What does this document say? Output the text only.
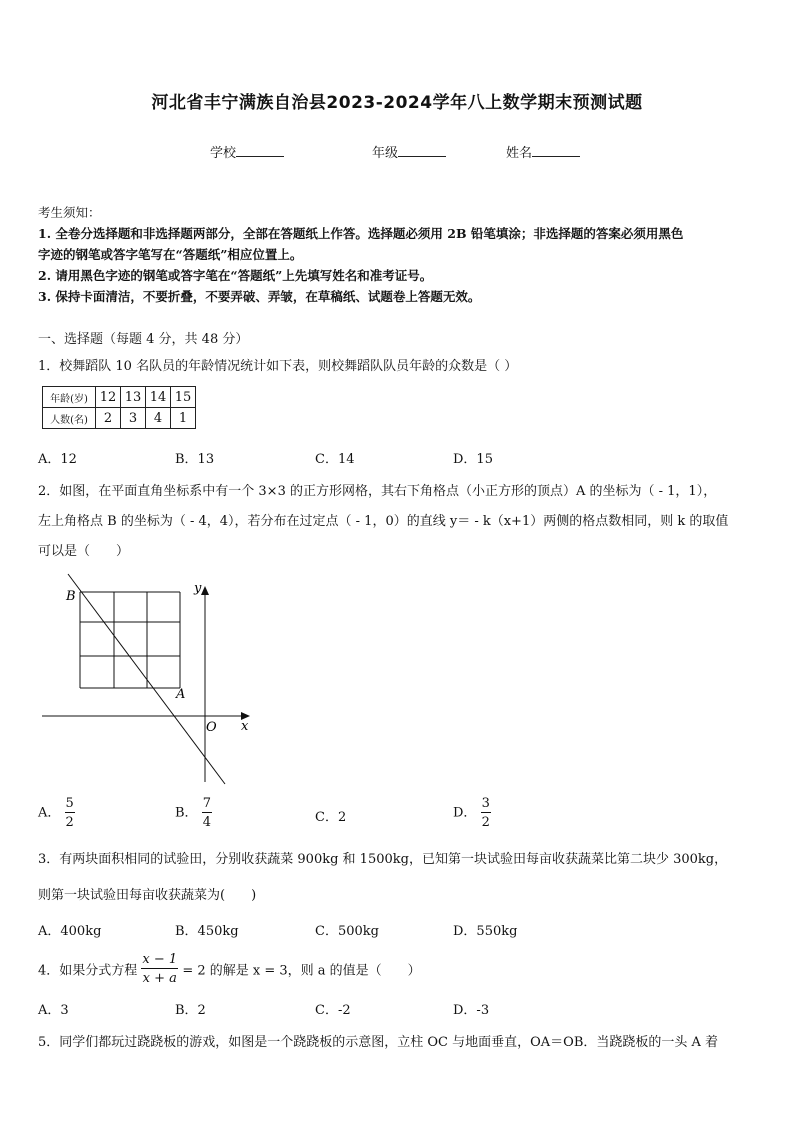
河北省丰宁满族自治县2023-2024学年八上数学期末预测试题
学校	年级	姓名
考生须知：
1. 全卷分选择题和非选择题两部分，全部在答题纸上作答。选择题必须用 2B 铅笔填涂；非选择题的答案必须用黑色
字迹的钢笔或答字笔写在“答题纸”相应位置上。
2. 请用黑色字迹的钢笔或答字笔在“答题纸”上先填写姓名和准考证号。
3. 保持卡面清洁，不要折叠，不要弄破、弄皱，在草稿纸、试题卷上答题无效。
一、选择题（每题 4 分，共 48 分）
1．校舞蹈队 10 名队员的年龄情况统计如下表，则校舞蹈队队员年龄的众数是（ ）
年龄(岁)	12	13	14	15
人数(名)	2	3	4	1
A．12	B．13	C．14	D．15
2．如图，在平面直角坐标系中有一个 3×3 的正方形网格，其右下角格点（小正方形的顶点）A 的坐标为（ - 1，1），
左上角格点 B 的坐标为（ - 4，4），若分布在过定点（ - 1，0）的直线 y＝ - k（x+1）两侧的格点数相同，则 k 的取值
可以是（　　）
B
A
O x
y
A． $\frac{5}{2}$	B． $\frac{7}{4}$	C．2	D． $\frac{3}{2}$
3．有两块面积相同的试验田，分别收获蔬菜 900kg 和 1500kg，已知第一块试验田每亩收获蔬菜比第二块少 300kg，
则第一块试验田每亩收获蔬菜为(　　)
A．400kg	B．450kg	C．500kg	D．550kg
4．如果分式方程 $\frac{x - 1}{x + a} = 2$ 的解是 x = 3，则 a 的值是（　　）
A．3	B．2	C．-2	D．-3
5．同学们都玩过跷跷板的游戏，如图是一个跷跷板的示意图，立柱 OC 与地面垂直，OA＝OB．当跷跷板的一头 A 着
